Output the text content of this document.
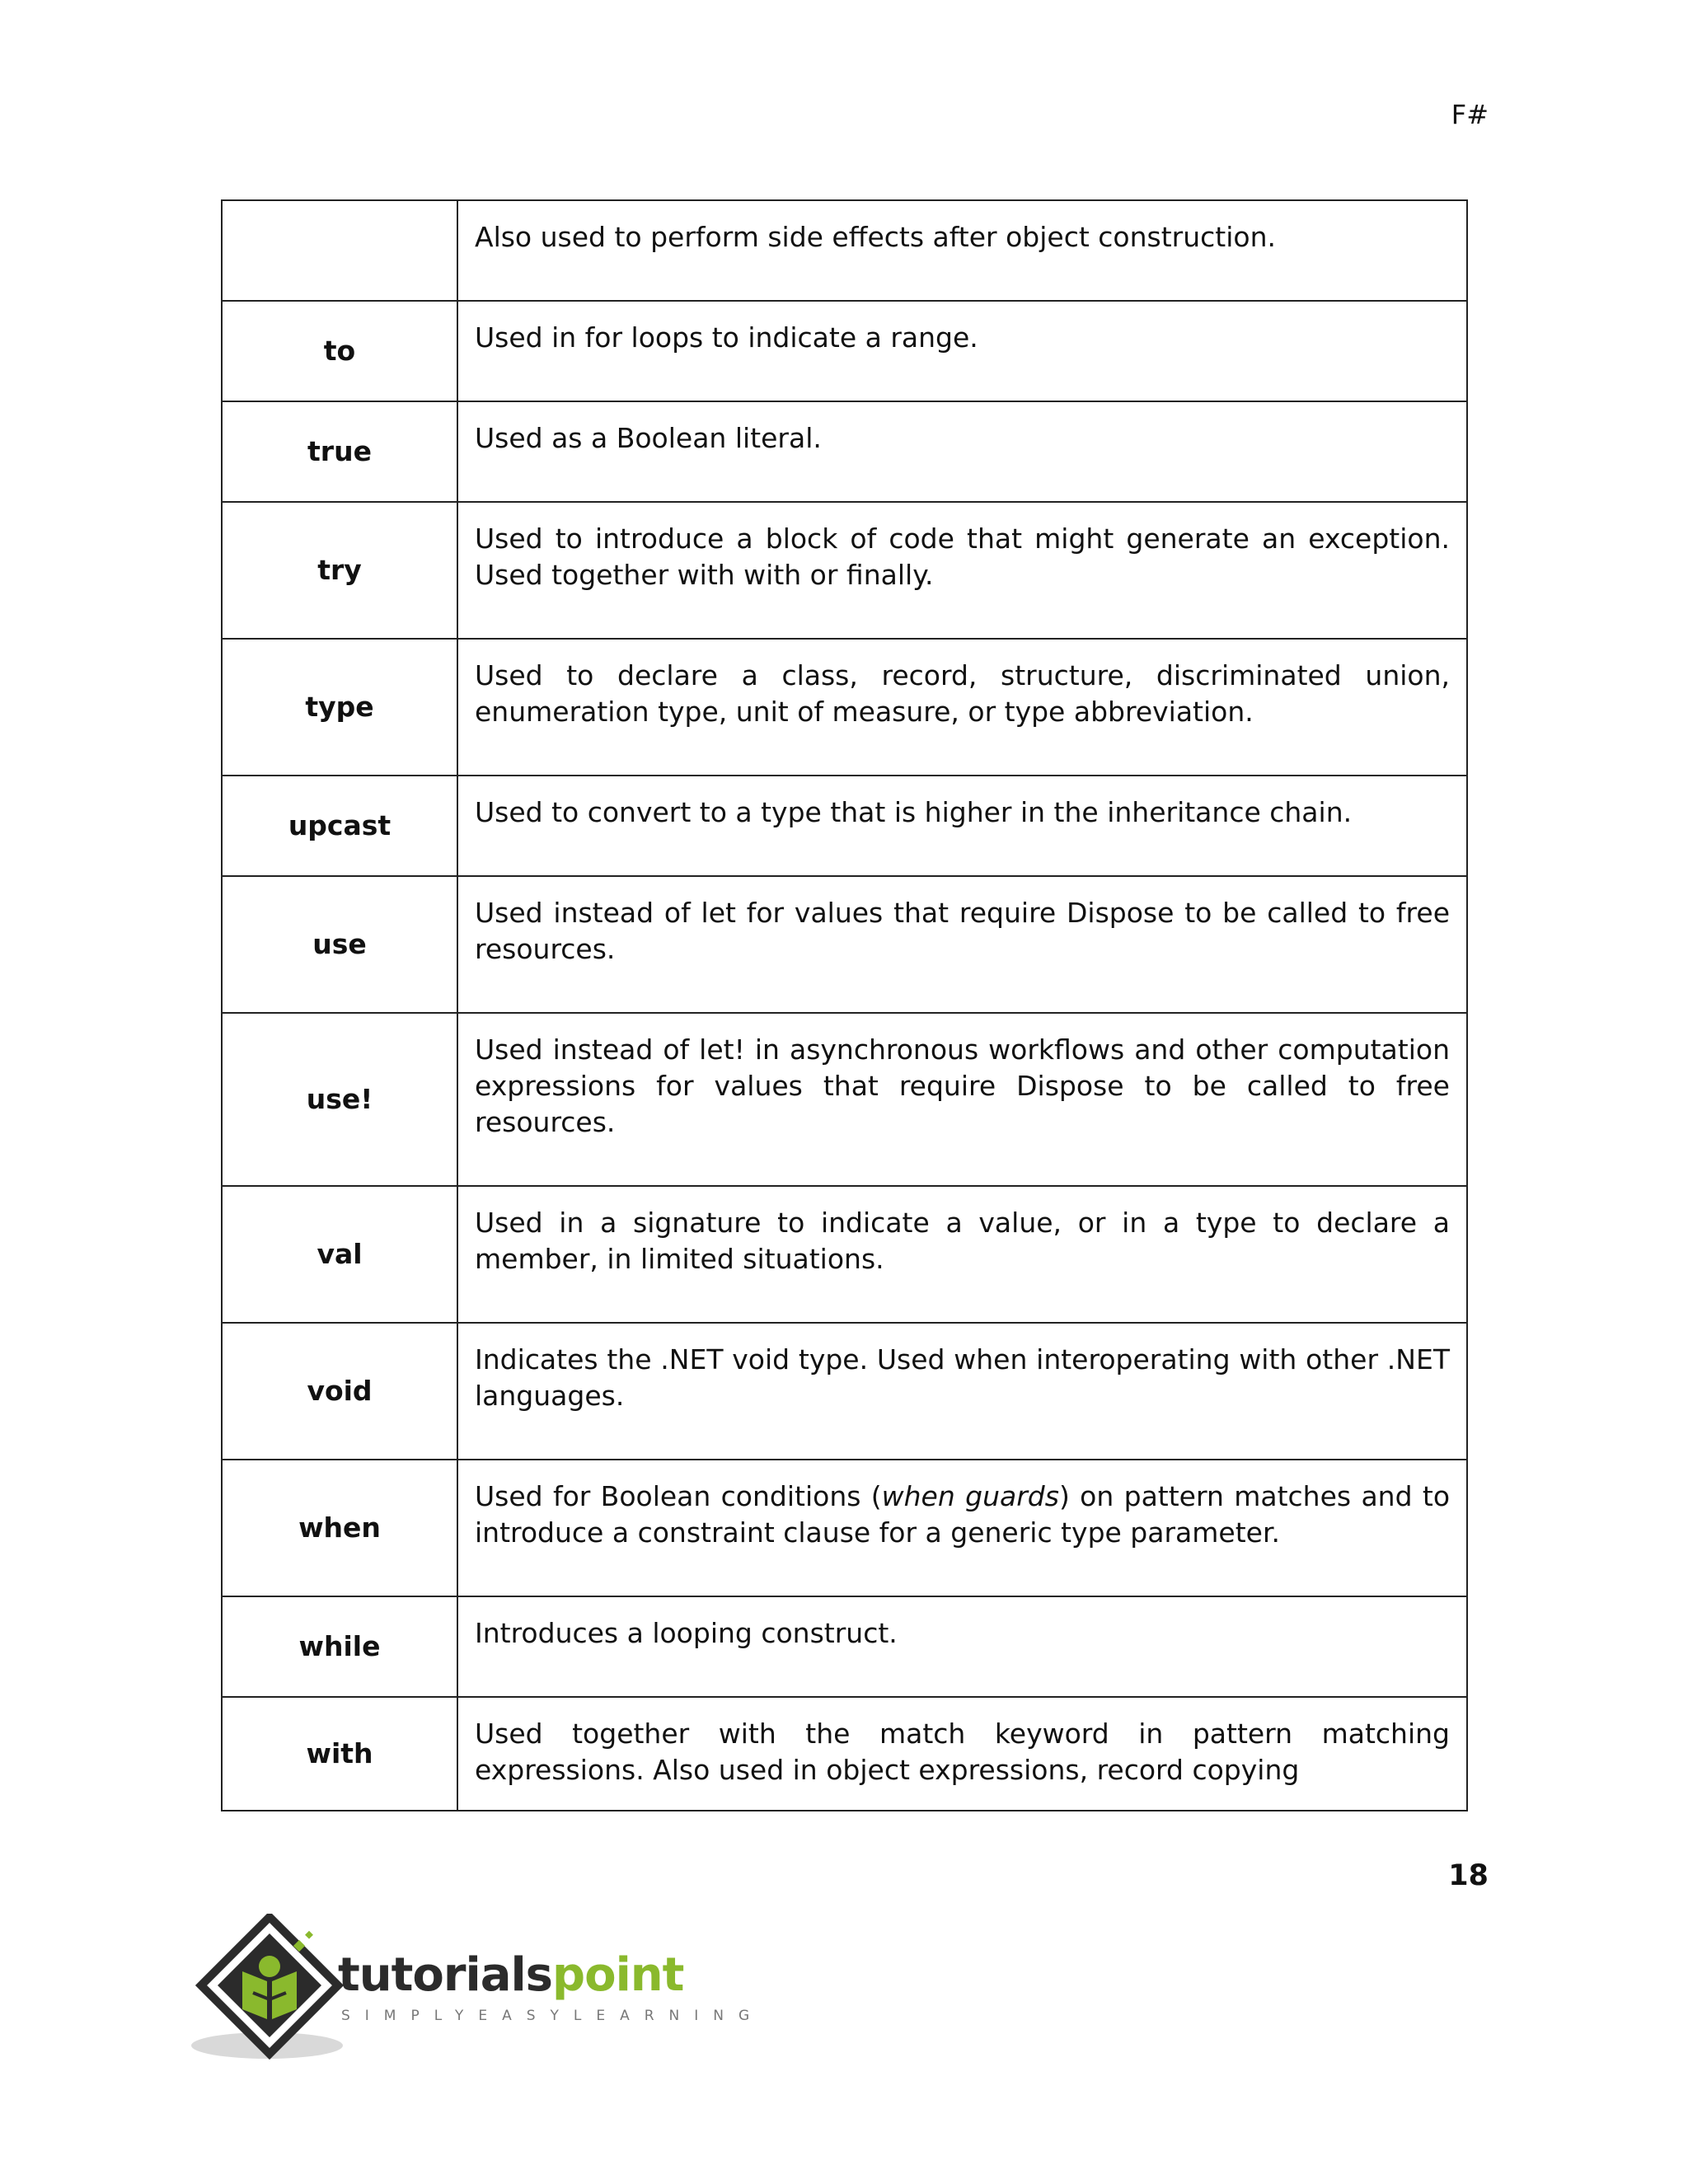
F#
	Also used to perform side effects after object construction.
to	Used in for loops to indicate a range.
true	Used as a Boolean literal.
try	Used to introduce a block of code that might generate an exception. Used together with with or finally.
type	Used to declare a class, record, structure, discriminated union, enumeration type, unit of measure, or type abbreviation.
upcast	Used to convert to a type that is higher in the inheritance chain.
use	Used instead of let for values that require Dispose to be called to free resources.
use!	Used instead of let! in asynchronous workflows and other computation expressions for values that require Dispose to be called to free resources.
val	Used in a signature to indicate a value, or in a type to declare a member, in limited situations.
void	Indicates the .NET void type. Used when interoperating with other .NET languages.
when	Used for Boolean conditions (when guards) on pattern matches and to introduce a constraint clause for a generic type parameter.
while	Introduces a looping construct.
with	Used together with the match keyword in pattern matching expressions. Also used in object expressions, record copying
18
tutorialspoint
SIMPLYEASYLEARNING
